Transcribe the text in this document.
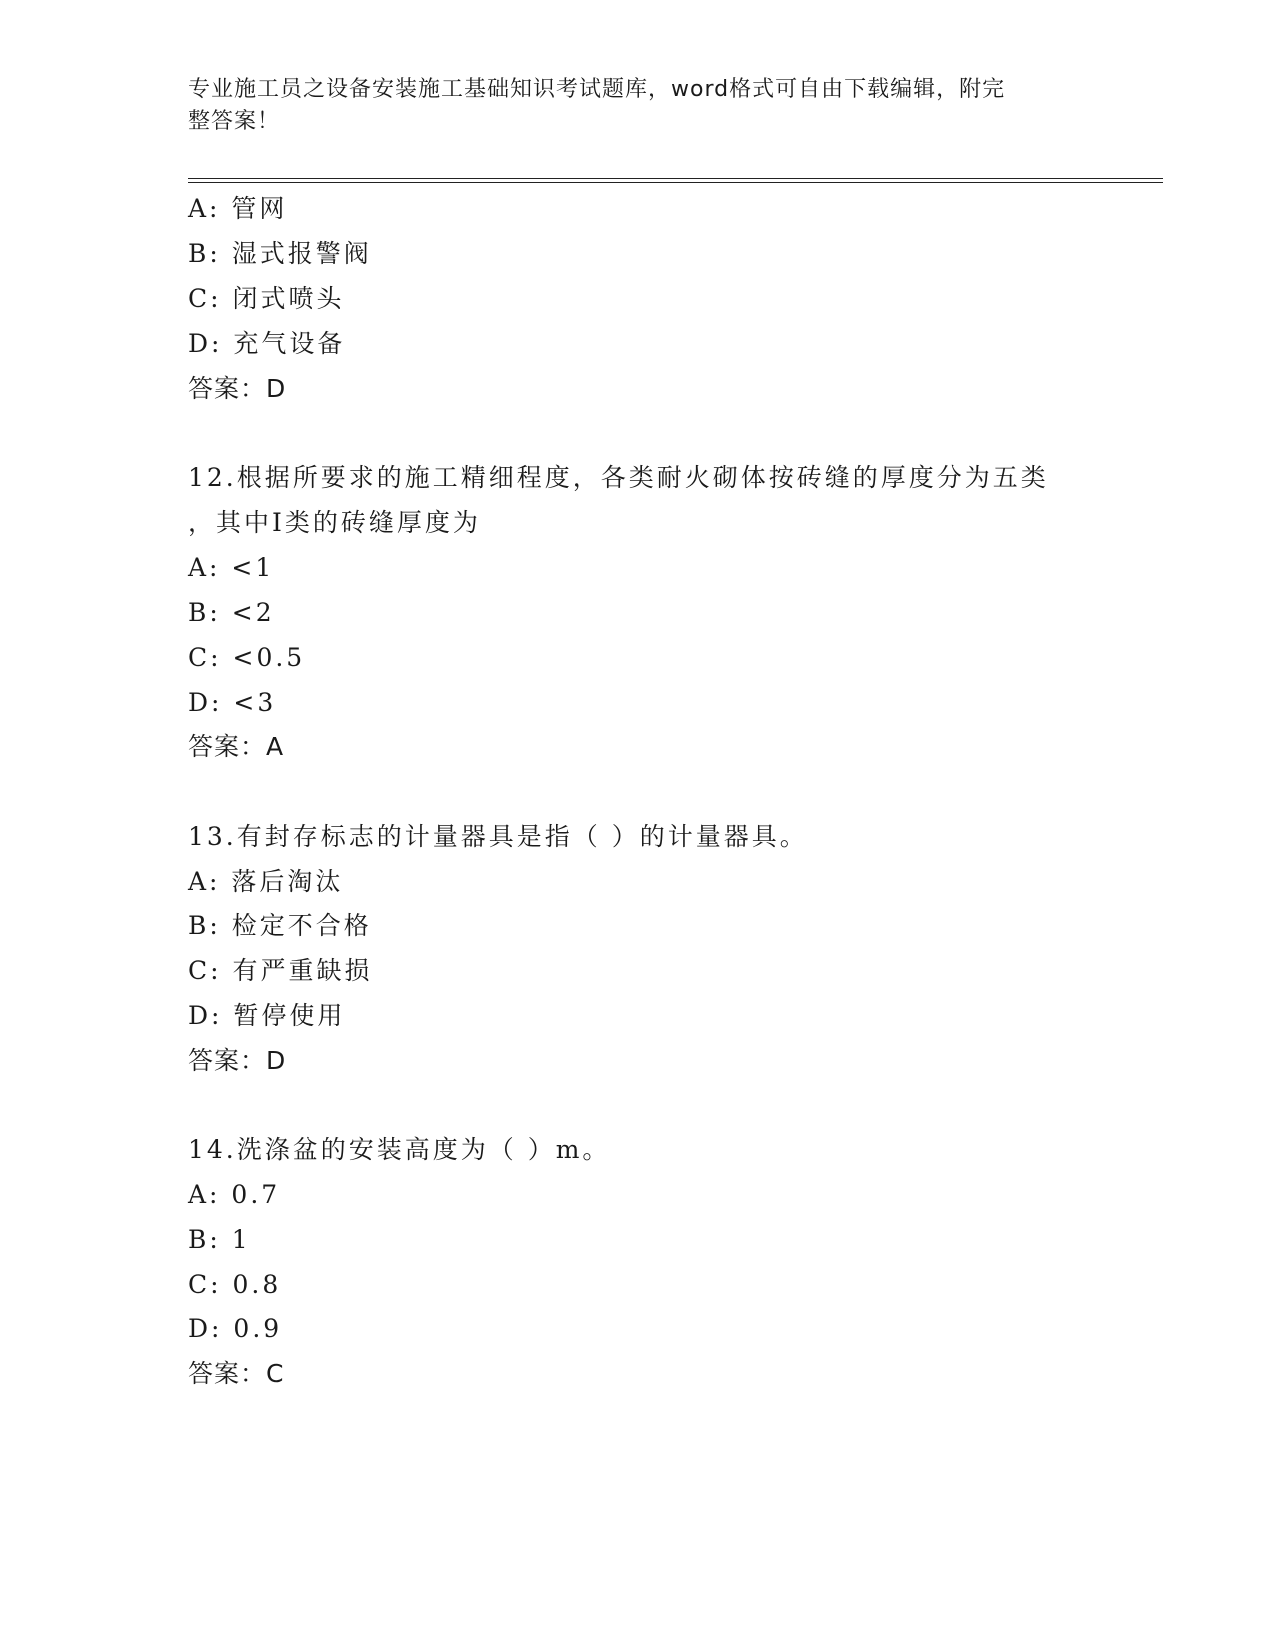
专业施工员之设备安装施工基础知识考试题库，word格式可自由下载编辑，附完
整答案！
A: 管网
B: 湿式报警阀
C: 闭式喷头
D: 充气设备
答案：D
12.根据所要求的施工精细程度，各类耐火砌体按砖缝的厚度分为五类
，其中Ⅰ类的砖缝厚度为
A: <1
B: <2
C: <0.5
D: <3
答案：A
13.有封存标志的计量器具是指（ ）的计量器具。
A: 落后淘汰
B: 检定不合格
C: 有严重缺损
D: 暂停使用
答案：D
14.洗涤盆的安装高度为（ ）m。
A: 0.7
B: 1
C: 0.8
D: 0.9
答案：C
